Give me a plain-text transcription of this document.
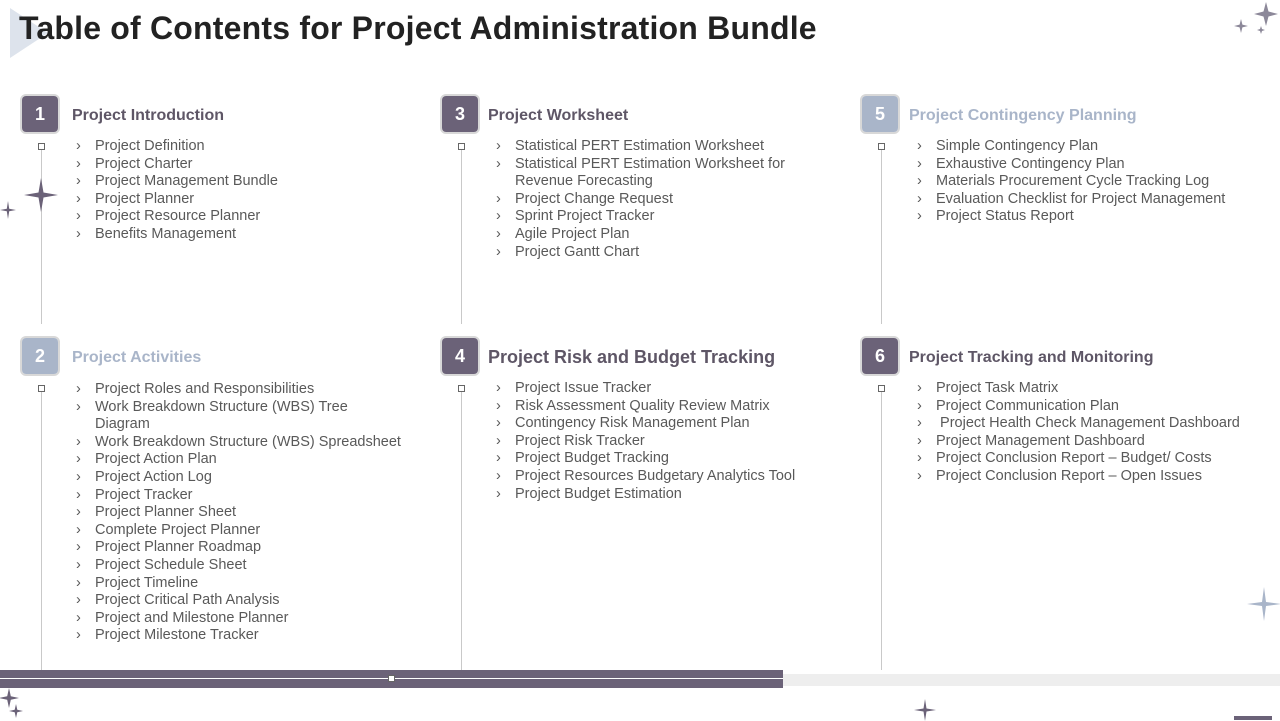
Table of Contents for Project Administration Bundle
1	Project Introduction
› Project Definition
› Project Charter
› Project Management Bundle
› Project Planner
› Project Resource Planner
› Benefits Management
2	Project Activities
› Project Roles and Responsibilities
› Work Breakdown Structure (WBS) Tree Diagram
› Work Breakdown Structure (WBS) Spreadsheet
› Project Action Plan
› Project Action Log
› Project Tracker
› Project Planner Sheet
› Complete Project Planner
› Project Planner Roadmap
› Project Schedule Sheet
› Project Timeline
› Project Critical Path Analysis
› Project and Milestone Planner
› Project Milestone Tracker
3	Project Worksheet
› Statistical PERT Estimation Worksheet
› Statistical PERT Estimation Worksheet for Revenue Forecasting
› Project Change Request
› Sprint Project Tracker
› Agile Project Plan
› Project Gantt Chart
4	Project Risk and Budget Tracking
› Project Issue Tracker
› Risk Assessment Quality Review Matrix
› Contingency Risk Management Plan
› Project Risk Tracker
› Project Budget Tracking
› Project Resources Budgetary Analytics Tool
› Project Budget Estimation
5	Project Contingency Planning
› Simple Contingency Plan
› Exhaustive Contingency Plan
› Materials Procurement Cycle Tracking Log
› Evaluation Checklist for Project Management
› Project Status Report
6	Project Tracking and Monitoring
› Project Task Matrix
› Project Communication Plan
›  Project Health Check Management Dashboard
› Project Management Dashboard
› Project Conclusion Report – Budget/ Costs
› Project Conclusion Report – Open Issues
